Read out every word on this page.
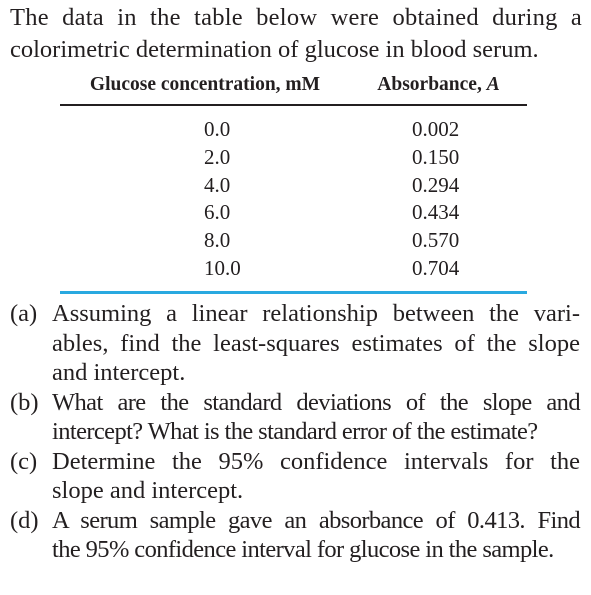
The data in the table below were obtained during a
colorimetric determination of glucose in blood serum.

Glucose concentration, mM	Absorbance, A
0.0	0.002
2.0	0.150
4.0	0.294
6.0	0.434
8.0	0.570
10.0	0.704
(a) Assuming a linear relationship between the vari-
ables, find the least-squares estimates of the slope
and intercept.
(b) What are the standard deviations of the slope and
intercept? What is the standard error of the estimate?
(c) Determine the 95% confidence intervals for the
slope and intercept.
(d) A serum sample gave an absorbance of 0.413. Find
the 95% confidence interval for glucose in the sample.
